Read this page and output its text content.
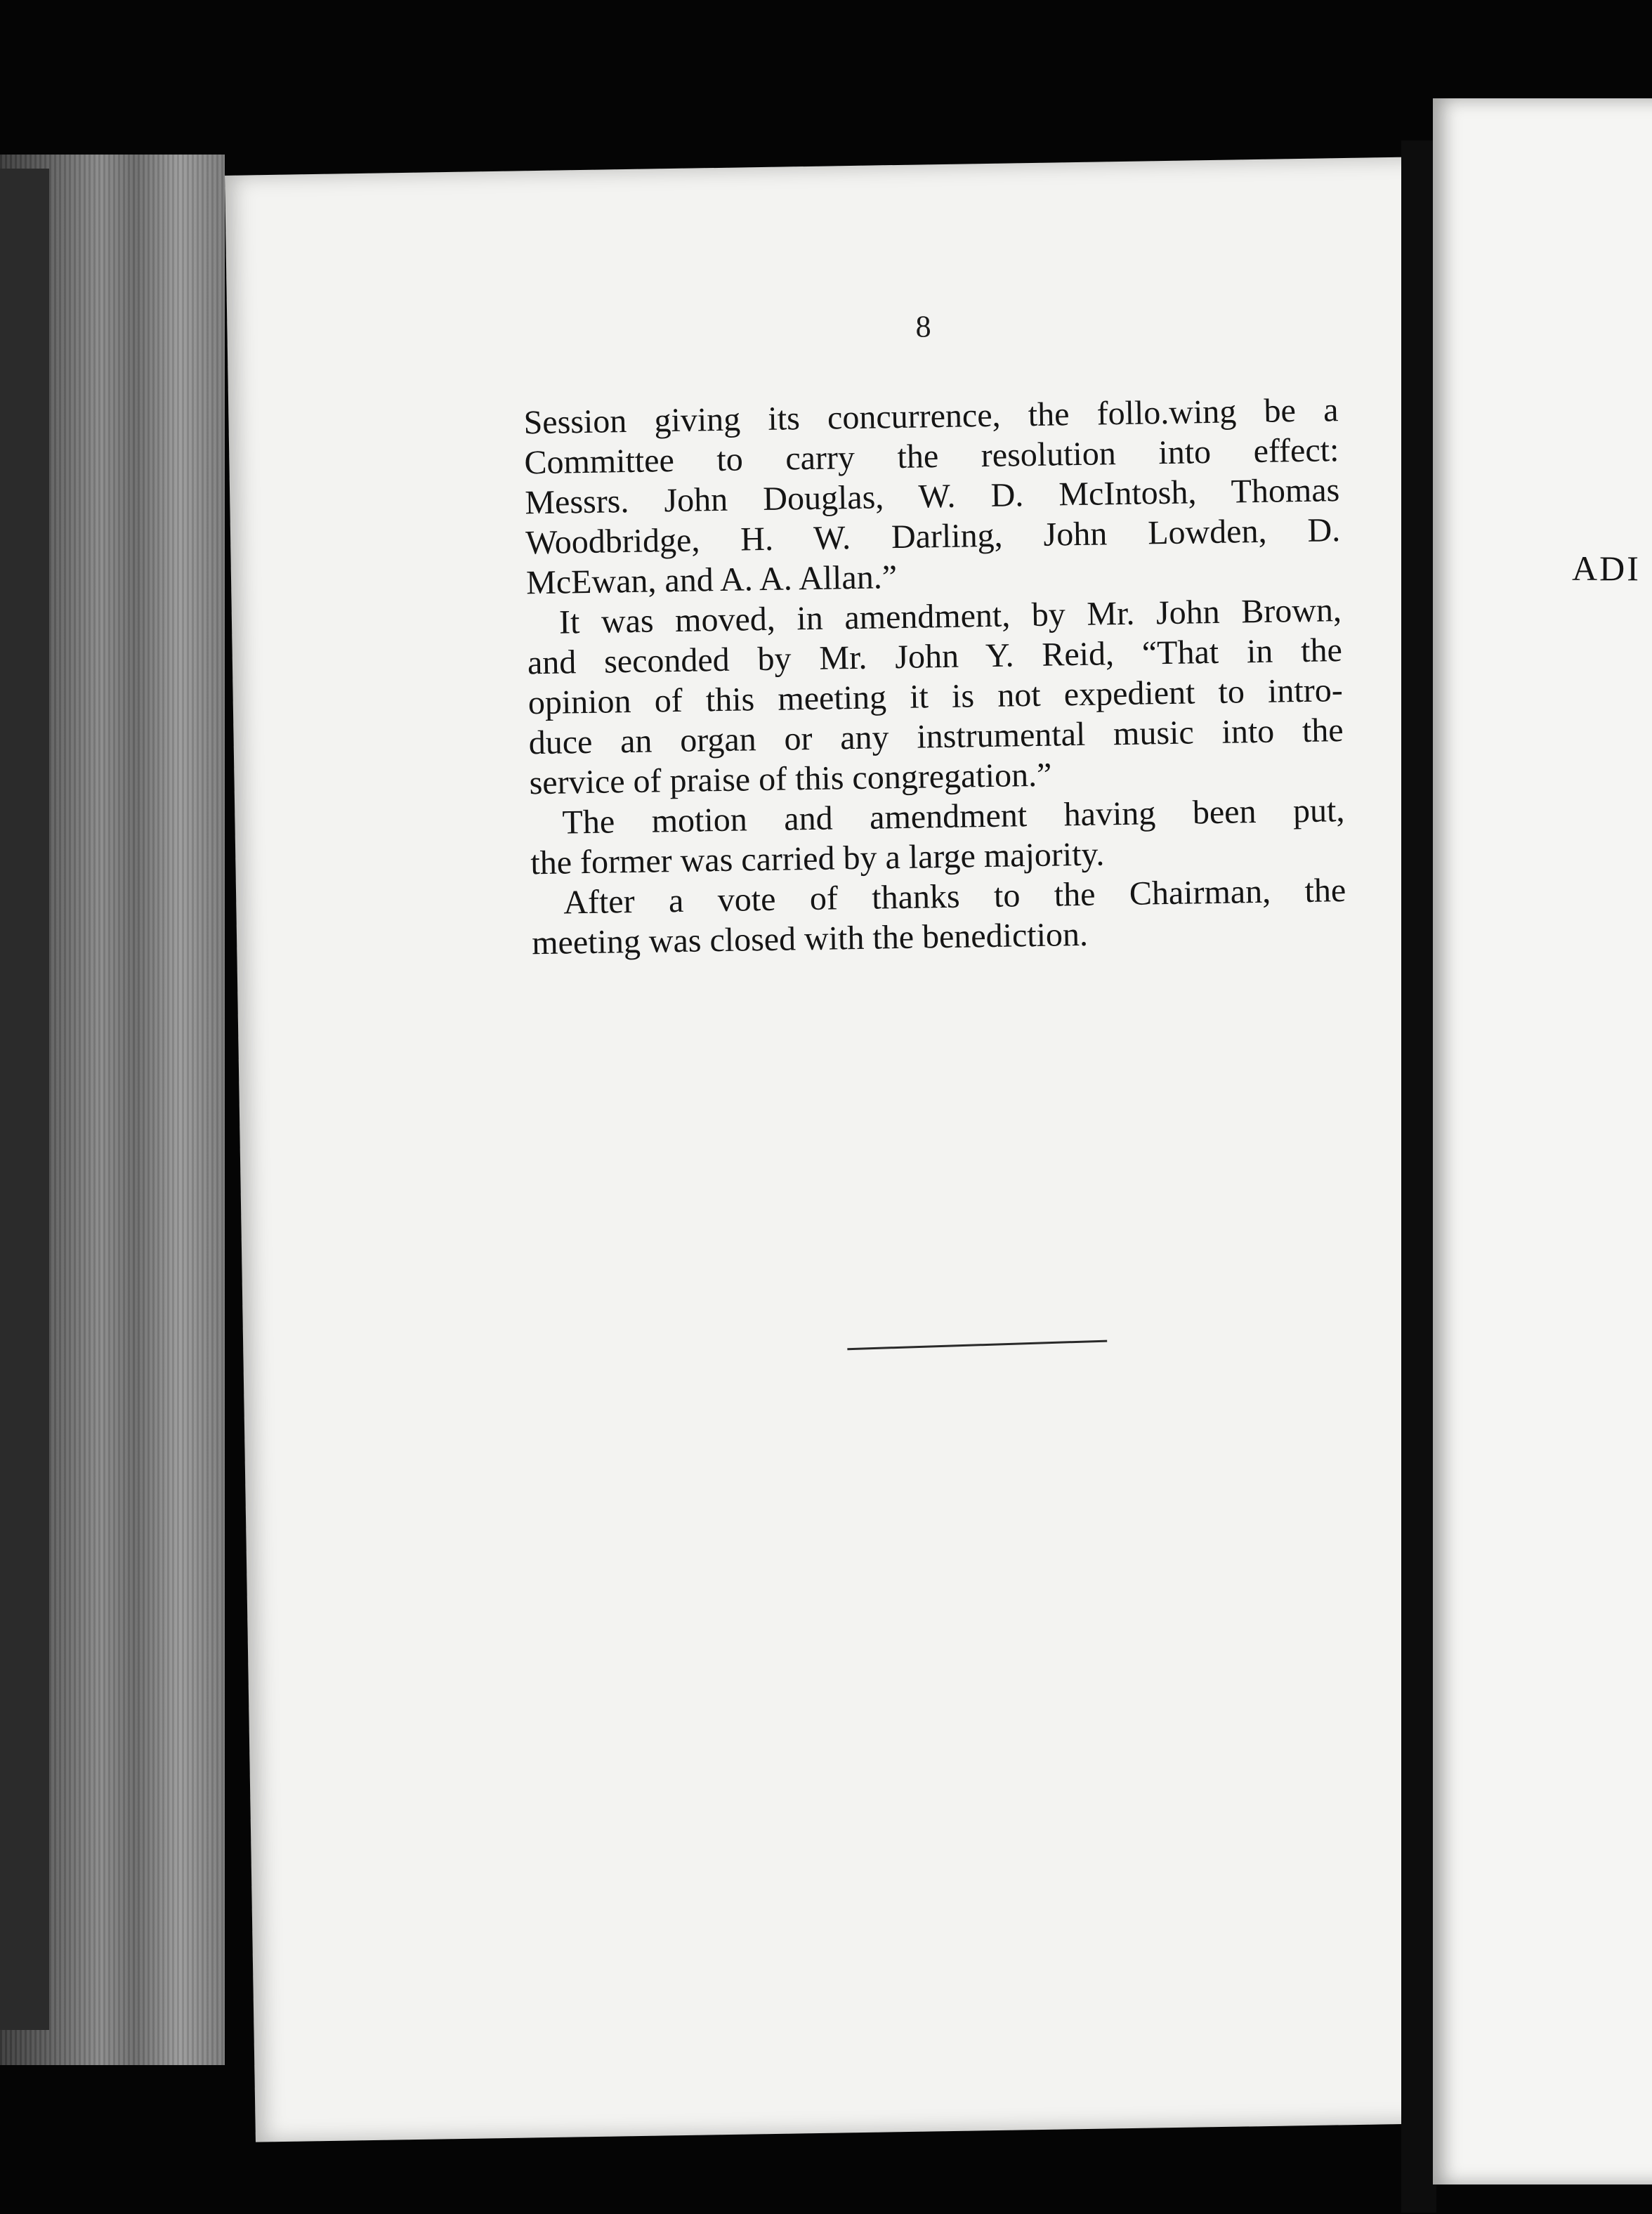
8

Session giving its concurrence, the follo.wing be a
Committee to carry the resolution into effect:
Messrs. John Douglas, W. D. McIntosh, Thomas
Woodbridge, H. W. Darling, John Lowden, D.
McEwan, and A. A. Allan.”

It was moved, in amendment, by Mr. John Brown,
and seconded by Mr. John Y. Reid, “That in the
opinion of this meeting it is not expedient to intro-
duce an organ or any instrumental music into the
service of praise of this congregation.”

The motion and amendment having been put,
the former was carried by a large majority.

After a vote of thanks to the Chairman, the
meeting was closed with the benediction.

ADI
